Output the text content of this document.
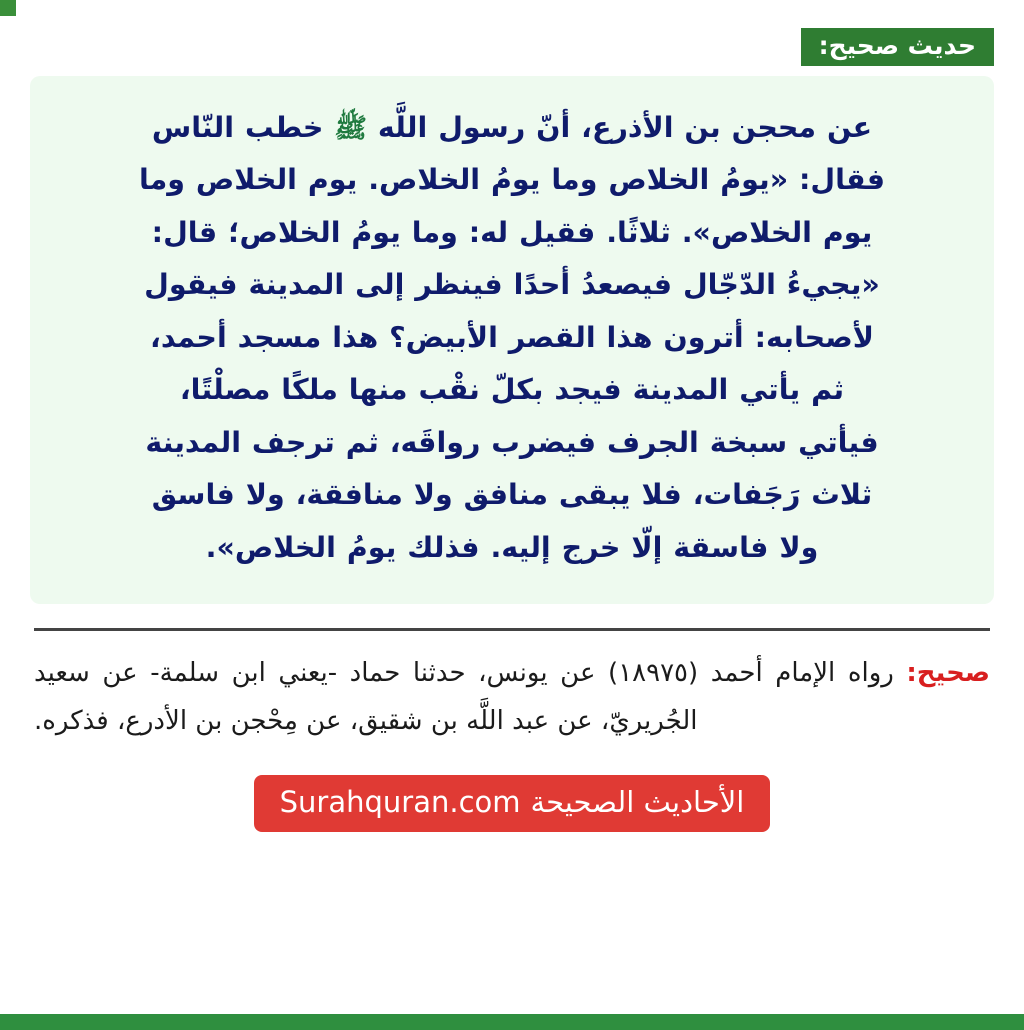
حديث صحيح:
عن محجن بن الأذرع، أنّ رسول اللَّه ﷺ خطب النّاس
فقال: «يومُ الخلاص وما يومُ الخلاص. يوم الخلاص وما
يوم الخلاص». ثلاثًا. فقيل له: وما يومُ الخلاص؛ قال:
«يجيءُ الدّجّال فيصعدُ أحدًا فينظر إلى المدينة فيقول
لأصحابه: أترون هذا القصر الأبيض؟ هذا مسجد أحمد،
ثم يأتي المدينة فيجد بكلّ نقْب منها ملكًا مصلْتًا،
فيأتي سبخة الجرف فيضرب رواقَه، ثم ترجف المدينة
ثلاث رَجَفات، فلا يبقى منافق ولا منافقة، ولا فاسق
ولا فاسقة إلّا خرج إليه. فذلك يومُ الخلاص».
صحيح: رواه الإمام أحمد (١٨٩٧٥) عن يونس، حدثنا حماد -يعني ابن سلمة- عن سعيد الجُريريّ، عن عبد اللَّه بن شقيق، عن مِحْجن بن الأدرع، فذكره.
الأحاديث الصحيحة
Surahquran.com
